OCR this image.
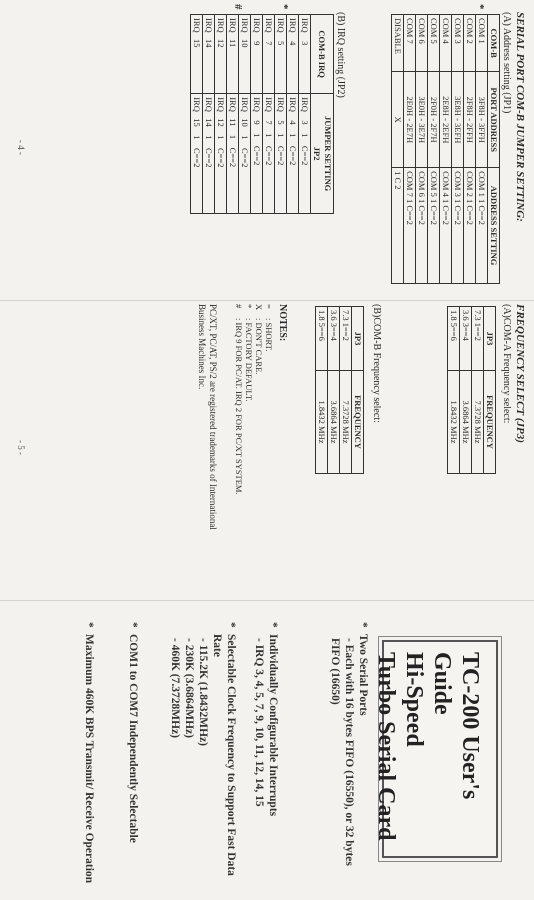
SERIAL PORT COM-B JUMPER SETTING:
(A) Address setting (JP1)
*
COM-B	PORT ADDRESS	ADDRESS SETTING
COM 1	3F8H - 3FFH	COM 1 1 C==2
COM 2	2F8H - 2FFH	COM 2 1 C==2
COM 3	3E8H - 3EFH	COM 3 1 C==2
COM 4	2E8H - 2EFH	COM 4 1 C==2
COM 5	2F0H - 2F7H	COM 5 1 C==2
COM 6	3E0H - 3E7H	COM 6 1 C==2
COM 7	2E0H - 2E7H	COM 7 1 C==2
DISABLE	X	1 C 2
(B) IRQ setting (JP2)
*
#
COM-B IRQ	JUMPER SETTING
	JP2
IRQ    3	IRQ    3    1    C==2
IRQ    4	IRQ    4    1    C==2
IRQ    5	IRQ    5    1    C==2
IRQ    7	IRQ    7    1    C==2
IRQ    9	IRQ    9    1    C==2
IRQ   10	IRQ   10    1    C==2
IRQ   11	IRQ   11    1    C==2
IRQ   12	IRQ   12    1    C==2
IRQ   14	IRQ   14    1    C==2
IRQ   15	IRQ   15    1    C==2
- 4 -
FREQUENCY SELECT (JP3)
(A)COM-A Frequency select:
JP3	FREQUENCY
7.3 1==2	7.3728 MHz
3.6 3==4	3.6864 MHz
1.8 5==6	1.8432 MHz
(B)COM-B Frequency select:
JP3	FREQUENCY
7.3 1==2	7.3728 MHz
3.6 3==4	3.6864 MHz
1.8 5==6	1.8432 MHz
NOTES:
=
: SHORT.
X
: DON'T CARE.
*
: FACTORY DEFAULT.
#
: IRQ 9 FOR PC/AT. IRQ 2 FOR PC/XT SYSTEM.
PC/XT, PC/AT, PS/2 are registered trademarks of International Business Machines Inc.
- 5 -
TC-200 User's Guide
Hi-Speed
Turbo Serial Card
*
Two Serial Ports
- Each with 16 bytes FIFO (16550), or 32 bytes FIFO (16650)
*
Individually Configurable Interrupts
- IRQ 3, 4, 5, 7, 9, 10, 11, 12, 14, 15
*
Selectable Clock Frequency to Support Fast Data Rate
- 115.2K (1.8432MHz)
- 230K (3.6864MHz)
- 460K (7.3728MHz)
*
COM1 to COM7 Independently Selectable
*
Maximum 460K BPS Transmit/ Receive Operation
